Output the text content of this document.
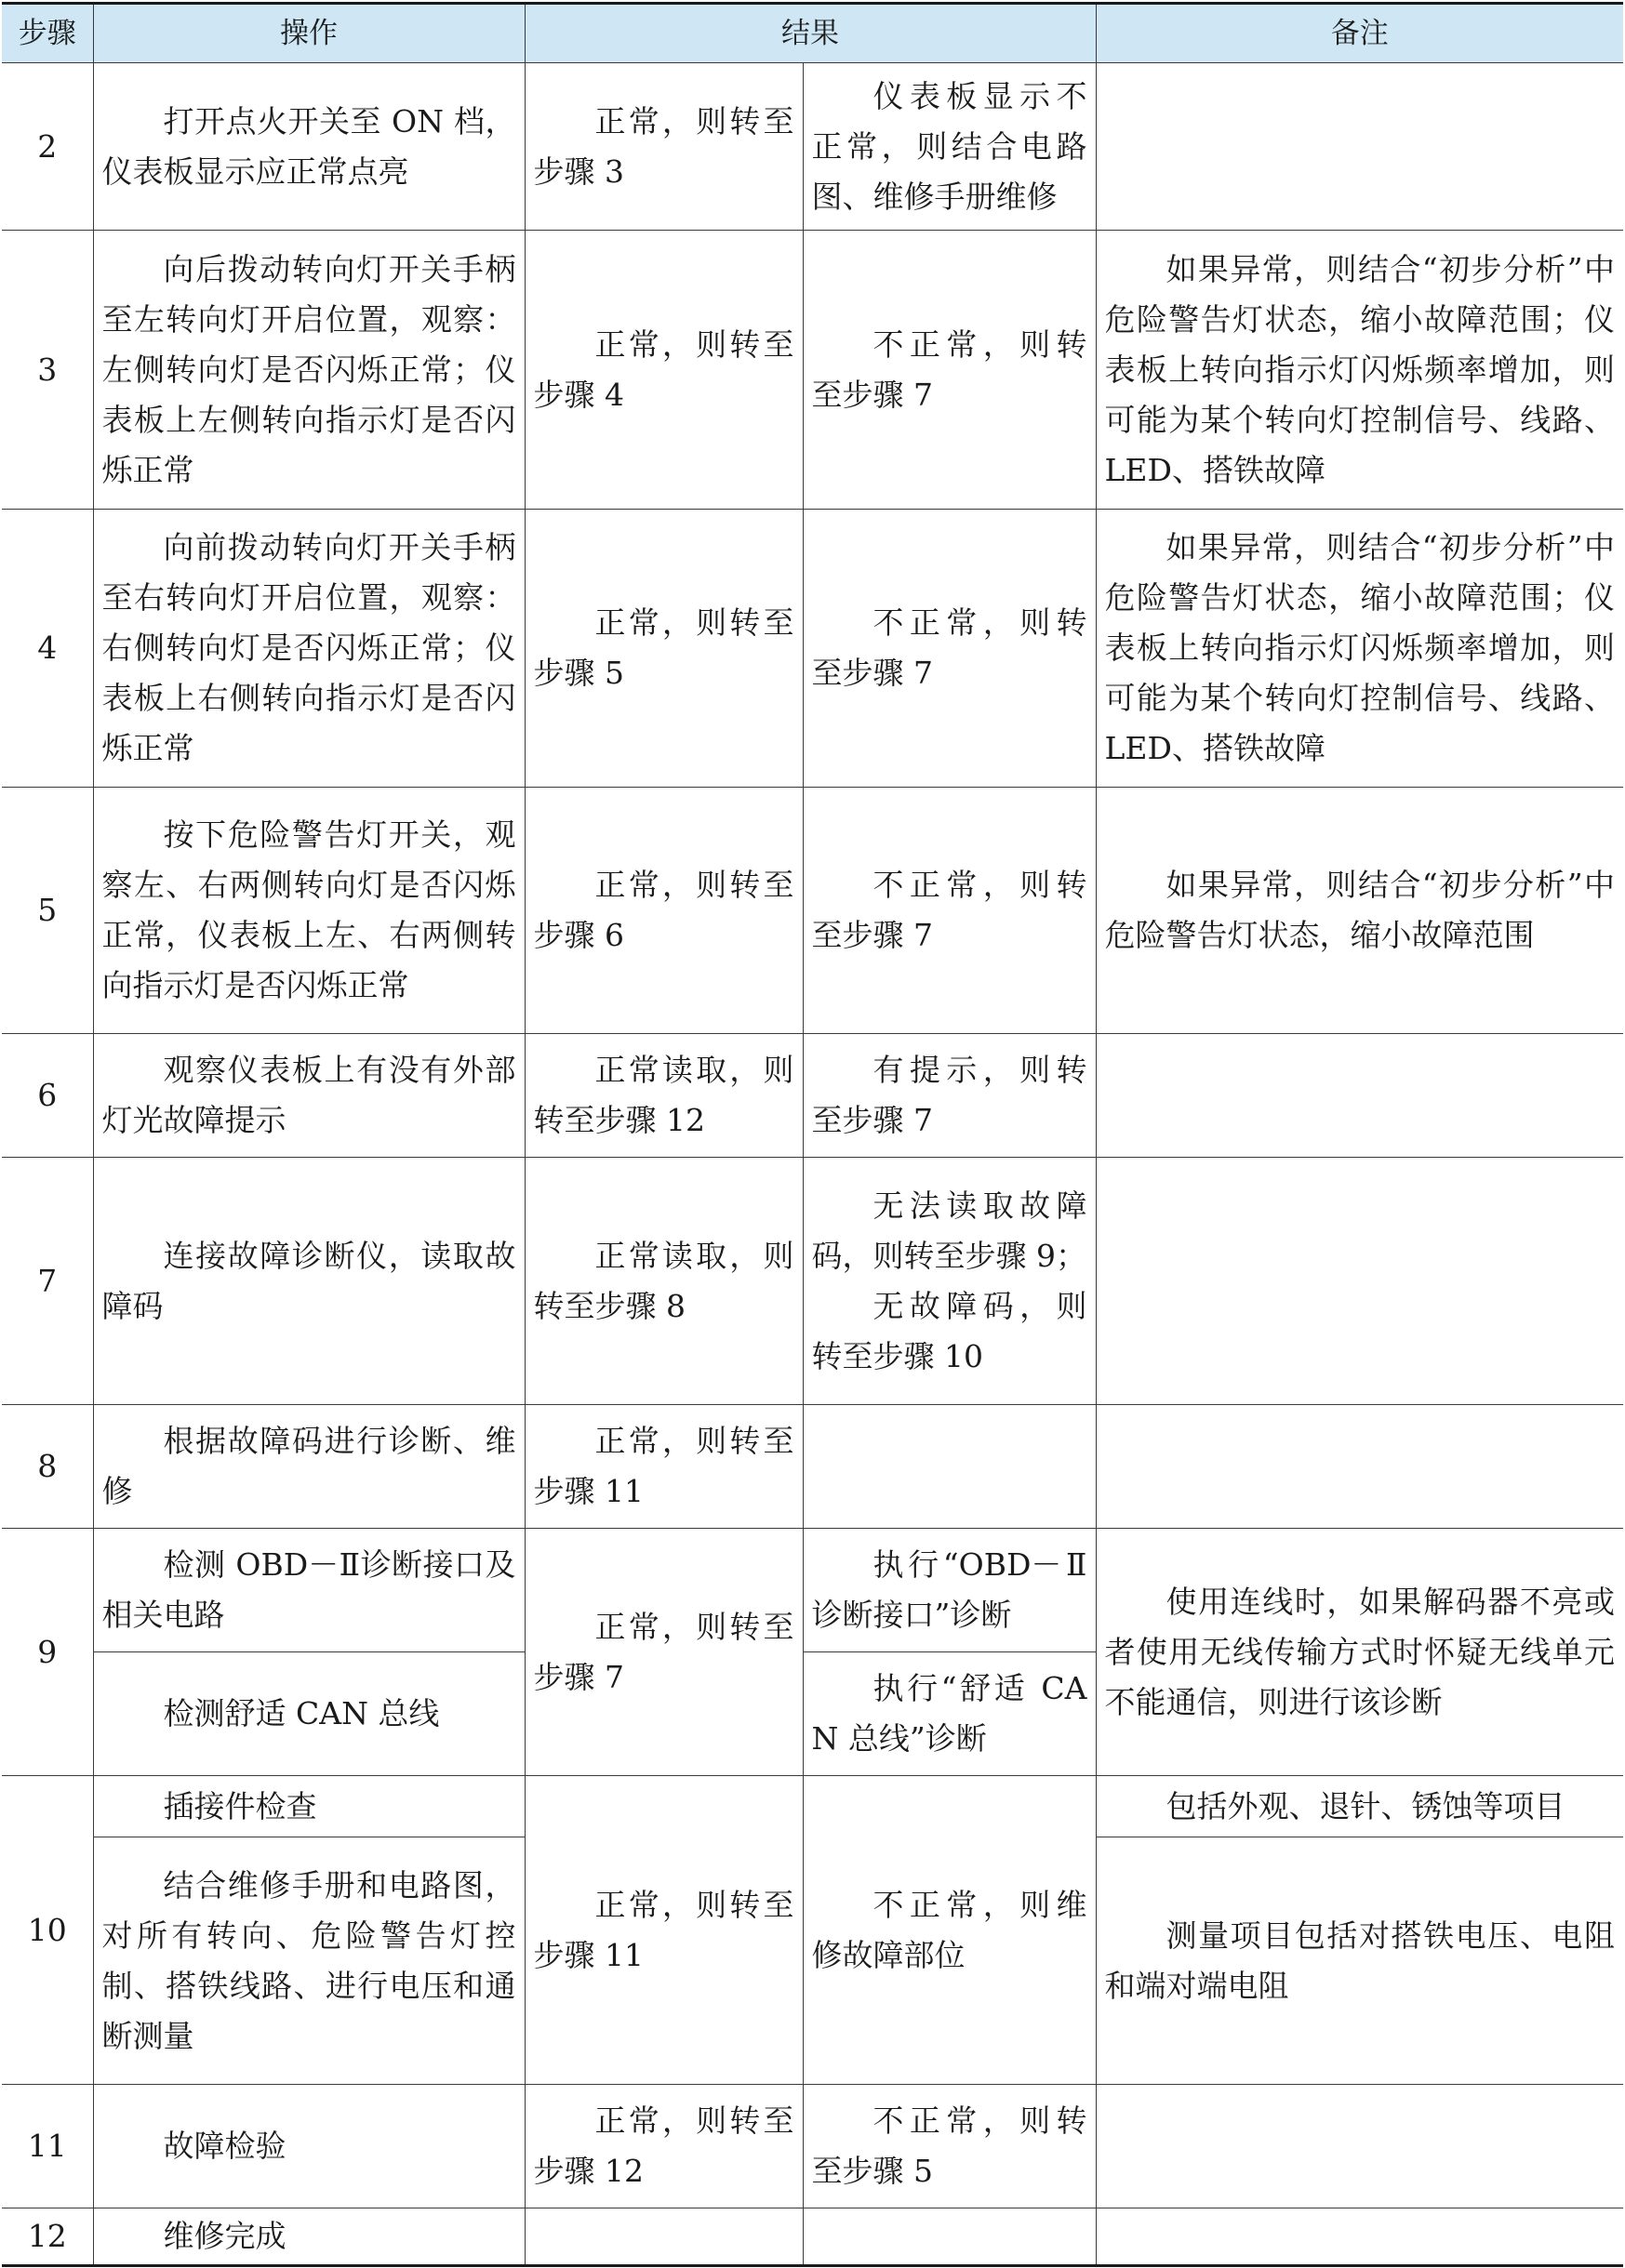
步骤	操作	结果		备注
2	打开点火开关至 ON 档，仪表板显示应正常点亮	正常，则转至步骤 3	仪表板显示不正常，则结合电路图、维修手册维修	
3	向后拨动转向灯开关手柄至左转向灯开启位置，观察：左侧转向灯是否闪烁正常；仪表板上左侧转向指示灯是否闪烁正常	正常，则转至步骤 4	不正常，则转至步骤 7	如果异常，则结合“初步分析”中危险警告灯状态，缩小故障范围；仪表板上转向指示灯闪烁频率增加，则可能为某个转向灯控制信号、线路、LED、搭铁故障
4	向前拨动转向灯开关手柄至右转向灯开启位置，观察：右侧转向灯是否闪烁正常；仪表板上右侧转向指示灯是否闪烁正常	正常，则转至步骤 5	不正常，则转至步骤 7	如果异常，则结合“初步分析”中危险警告灯状态，缩小故障范围；仪表板上转向指示灯闪烁频率增加，则可能为某个转向灯控制信号、线路、LED、搭铁故障
5	按下危险警告灯开关，观察左、右两侧转向灯是否闪烁正常，仪表板上左、右两侧转向指示灯是否闪烁正常	正常，则转至步骤 6	不正常，则转至步骤 7	如果异常，则结合“初步分析”中危险警告灯状态，缩小故障范围
6	观察仪表板上有没有外部灯光故障提示	正常读取，则转至步骤 12	有提示，则转至步骤 7	
7	连接故障诊断仪，读取故障码	正常读取，则转至步骤 8	无法读取故障码，则转至步骤 9；
无故障码，则转至步骤 10	

8	根据故障码进行诊断、维修	正常，则转至步骤 11		
9	检测 OBD－Ⅱ诊断接口及相关电路	正常，则转至步骤 7	执行“OBD－Ⅱ诊断接口”诊断	使用连线时，如果解码器不亮或者使用无线传输方式时怀疑无线单元不能通信，则进行该诊断
	检测舒适 CAN 总线		执行“舒适 CAN 总线”诊断	
10	插接件检查	正常，则转至步骤 11	不正常，则维修故障部位	包括外观、退针、锈蚀等项目
	结合维修手册和电路图，对所有转向、危险警告灯控制、搭铁线路、进行电压和通断测量			测量项目包括对搭铁电压、电阻和端对端电阻
11	故障检验	正常，则转至步骤 12	不正常，则转至步骤 5	
12	维修完成			
